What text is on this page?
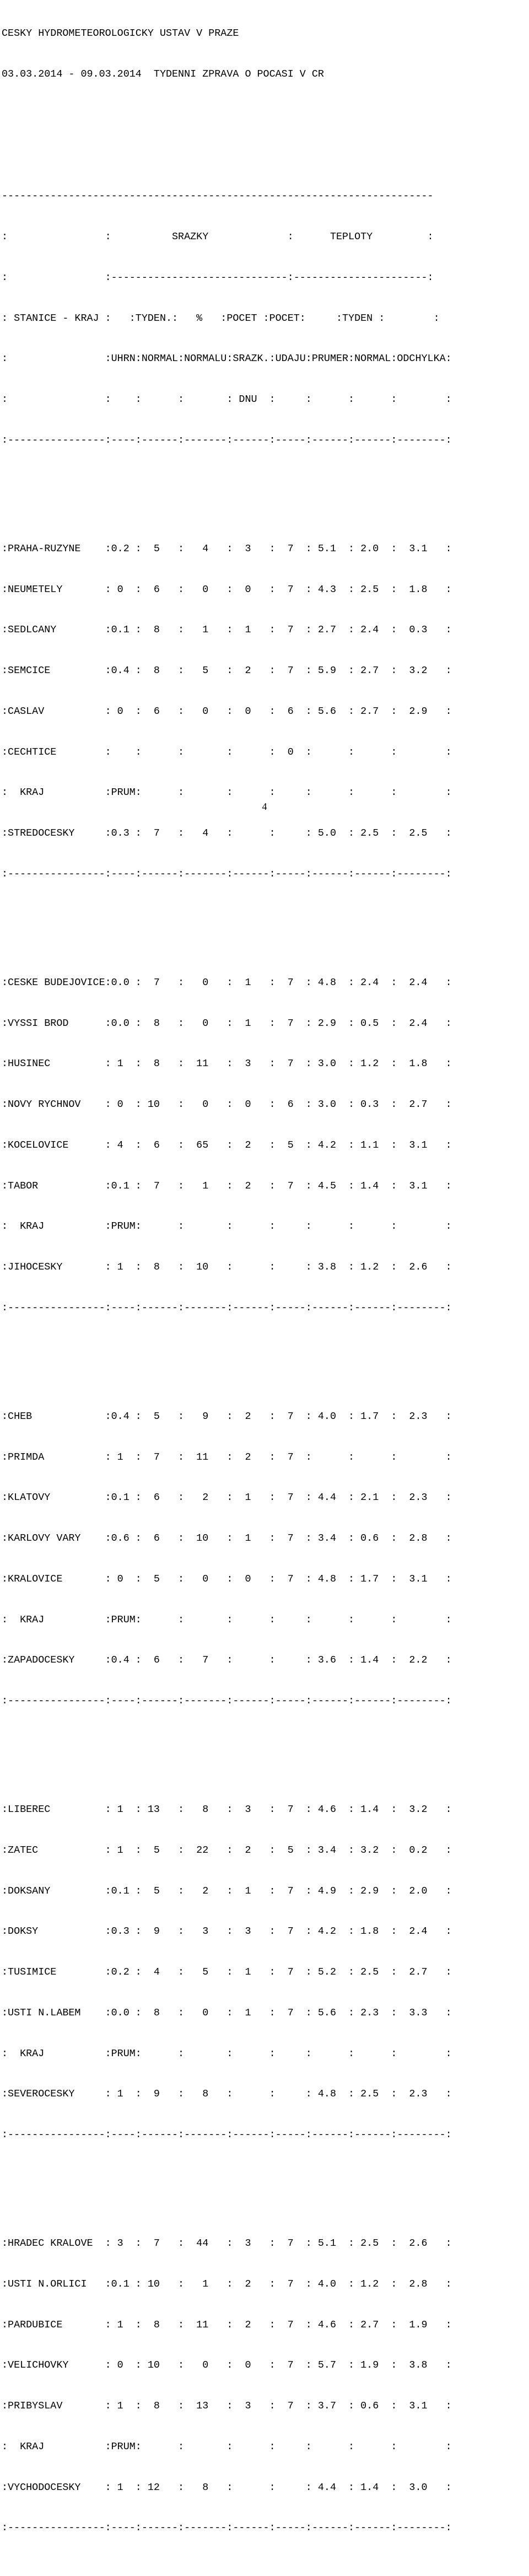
CESKY HYDROMETEOROLOGICKY USTAV V PRAZE

03.03.2014 - 09.03.2014  TYDENNI ZPRAVA O POCASI V CR

-----------------------------------------------------------------------

:                :          SRAZKY             :      TEPLOTY         :

:                :-----------------------------:----------------------:

: STANICE - KRAJ :   :TYDEN.:   %   :POCET :POCET:     :TYDEN :        :

:                :UHRN:NORMAL:NORMALU:SRAZK.:UDAJU:PRUMER:NORMAL:ODCHYLKA:

:                :    :      :       : DNU  :     :      :      :        :

:----------------:----:------:-------:------:-----:------:------:--------:

:PRAHA-RUZYNE    :0.2 :  5   :   4   :  3   :  7  : 5.1  : 2.0  :  3.1   :

:NEUMETELY       : 0  :  6   :   0   :  0   :  7  : 4.3  : 2.5  :  1.8   :

:SEDLCANY        :0.1 :  8   :   1   :  1   :  7  : 2.7  : 2.4  :  0.3   :

:SEMCICE         :0.4 :  8   :   5   :  2   :  7  : 5.9  : 2.7  :  3.2   :

:CASLAV          : 0  :  6   :   0   :  0   :  6  : 5.6  : 2.7  :  2.9   :

:CECHTICE        :    :      :       :      :  0  :      :      :        :

:  KRAJ          :PRUM:      :       :      :     :      :      :        :

:STREDOCESKY     :0.3 :  7   :   4   :      :     : 5.0  : 2.5  :  2.5   :

:----------------:----:------:-------:------:-----:------:------:--------:

:CESKE BUDEJOVICE:0.0 :  7   :   0   :  1   :  7  : 4.8  : 2.4  :  2.4   :

:VYSSI BROD      :0.0 :  8   :   0   :  1   :  7  : 2.9  : 0.5  :  2.4   :

:HUSINEC         : 1  :  8   :  11   :  3   :  7  : 3.0  : 1.2  :  1.8   :

:NOVY RYCHNOV    : 0  : 10   :   0   :  0   :  6  : 3.0  : 0.3  :  2.7   :

:KOCELOVICE      : 4  :  6   :  65   :  2   :  5  : 4.2  : 1.1  :  3.1   :

:TABOR           :0.1 :  7   :   1   :  2   :  7  : 4.5  : 1.4  :  3.1   :

:  KRAJ          :PRUM:      :       :      :     :      :      :        :

:JIHOCESKY       : 1  :  8   :  10   :      :     : 3.8  : 1.2  :  2.6   :

:----------------:----:------:-------:------:-----:------:------:--------:

:CHEB            :0.4 :  5   :   9   :  2   :  7  : 4.0  : 1.7  :  2.3   :

:PRIMDA          : 1  :  7   :  11   :  2   :  7  :      :      :        :

:KLATOVY         :0.1 :  6   :   2   :  1   :  7  : 4.4  : 2.1  :  2.3   :

:KARLOVY VARY    :0.6 :  6   :  10   :  1   :  7  : 3.4  : 0.6  :  2.8   :

:KRALOVICE       : 0  :  5   :   0   :  0   :  7  : 4.8  : 1.7  :  3.1   :

:  KRAJ          :PRUM:      :       :      :     :      :      :        :

:ZAPADOCESKY     :0.4 :  6   :   7   :      :     : 3.6  : 1.4  :  2.2   :

:----------------:----:------:-------:------:-----:------:------:--------:

:LIBEREC         : 1  : 13   :   8   :  3   :  7  : 4.6  : 1.4  :  3.2   :

:ZATEC           : 1  :  5   :  22   :  2   :  5  : 3.4  : 3.2  :  0.2   :

:DOKSANY         :0.1 :  5   :   2   :  1   :  7  : 4.9  : 2.9  :  2.0   :

:DOKSY           :0.3 :  9   :   3   :  3   :  7  : 4.2  : 1.8  :  2.4   :

:TUSIMICE        :0.2 :  4   :   5   :  1   :  7  : 5.2  : 2.5  :  2.7   :

:USTI N.LABEM    :0.0 :  8   :   0   :  1   :  7  : 5.6  : 2.3  :  3.3   :

:  KRAJ          :PRUM:      :       :      :     :      :      :        :

:SEVEROCESKY     : 1  :  9   :   8   :      :     : 4.8  : 2.5  :  2.3   :

:----------------:----:------:-------:------:-----:------:------:--------:

:HRADEC KRALOVE  : 3  :  7   :  44   :  3   :  7  : 5.1  : 2.5  :  2.6   :

:USTI N.ORLICI   :0.1 : 10   :   1   :  2   :  7  : 4.0  : 1.2  :  2.8   :

:PARDUBICE       : 1  :  8   :  11   :  2   :  7  : 4.6  : 2.7  :  1.9   :

:VELICHOVKY      : 0  : 10   :   0   :  0   :  7  : 5.7  : 1.9  :  3.8   :

:PRIBYSLAV       : 1  :  8   :  13   :  3   :  7  : 3.7  : 0.6  :  3.1   :

:  KRAJ          :PRUM:      :       :      :     :      :      :        :

:VYCHODOCESKY    : 1  : 12   :   8   :      :     : 4.4  : 1.4  :  3.0   :

:----------------:----:------:-------:------:-----:------:------:--------:

4
